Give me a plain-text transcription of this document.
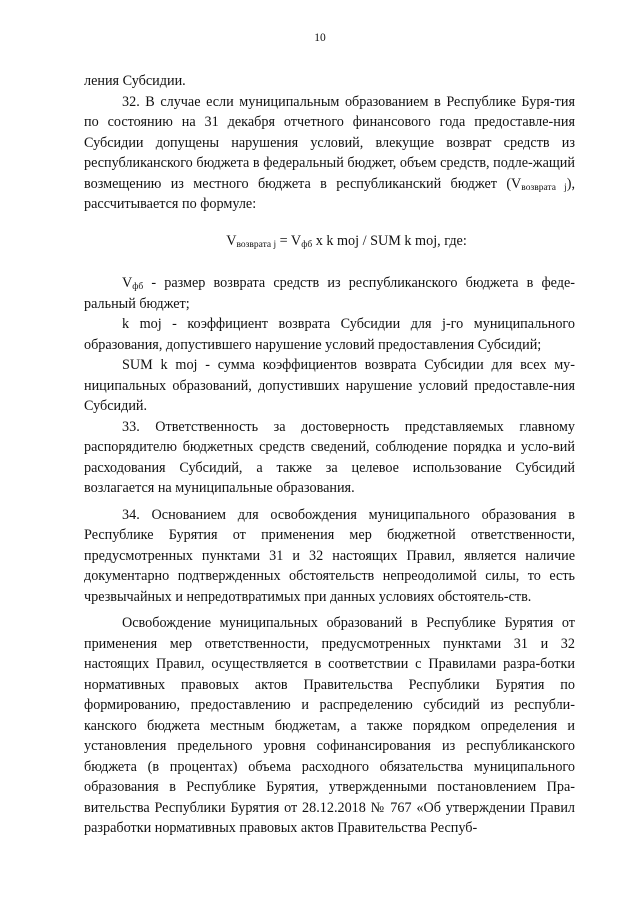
10

ления Субсидии.

32. В случае если муниципальным образованием в Республике Буря-тия по состоянию на 31 декабря отчетного финансового года предоставле-ния Субсидии допущены нарушения условий, влекущие возврат средств из республиканского бюджета в федеральный бюджет, объем средств, подле-жащий возмещению из местного бюджета в республиканский бюджет $(V_{возврата j})$, рассчитывается по формуле:

$V_{возврата j} = V_{фб}$ x k moj / SUM k moj, где:

$V_{фб}$ - размер возврата средств из республиканского бюджета в феде-ральный бюджет;

k moj - коэффициент возврата Субсидии для j-го муниципального образования, допустившего нарушение условий предоставления Субсидий;

SUM k moj - сумма коэффициентов возврата Субсидии для всех му-ниципальных образований, допустивших нарушение условий предоставле-ния Субсидий.

33. Ответственность за достоверность представляемых главному распорядителю бюджетных средств сведений, соблюдение порядка и усло-вий расходования Субсидий, а также за целевое использование Субсидий возлагается на муниципальные образования.

34. Основанием для освобождения муниципального образования в Республике Бурятия от применения мер бюджетной ответственности, предусмотренных пунктами 31 и 32 настоящих Правил, является наличие документарно подтвержденных обстоятельств непреодолимой силы, то есть чрезвычайных и непредотвратимых при данных условиях обстоятель-ств.

Освобождение муниципальных образований в Республике Бурятия от применения мер ответственности, предусмотренных пунктами 31 и 32 настоящих Правил, осуществляется в соответствии с Правилами разра-ботки нормативных правовых актов Правительства Республики Бурятия по формированию, предоставлению и распределению субсидий из республи-канского бюджета местным бюджетам, а также порядком определения и установления предельного уровня софинансирования из республиканского бюджета (в процентах) объема расходного обязательства муниципального образования в Республике Бурятия, утвержденными постановлением Пра-вительства Республики Бурятия от 28.12.2018 № 767 «Об утверждении Правил разработки нормативных правовых актов Правительства Респуб-
